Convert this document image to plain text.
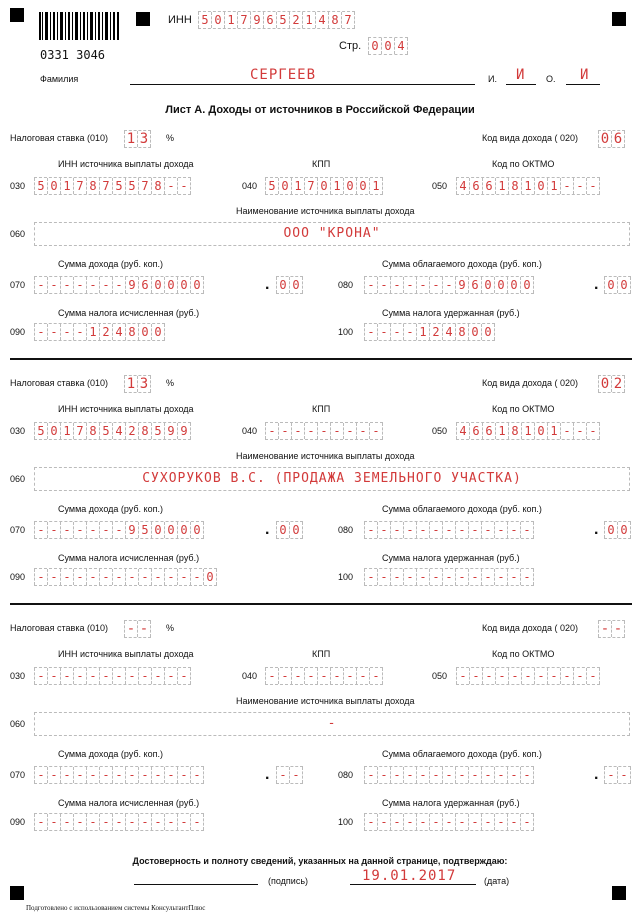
0331 3046
ИНН 5 0 1 7 9 6 5 2 1 4 8 7
Стр. 0 0 4
Фамилия	СЕРГЕЕВ	И. И О. И
Лист А. Доходы от источников в Российской Федерации
Налоговая ставка (010) 1 3	%	Код вида дохода ( 020) 0 6
ИНН источника выплаты дохода	КПП	Код по ОКТМО
030 5 0 1 7 8 7 5 5 7 8 - -	040 5 0 1 7 0 1 0 0 1	050 4 6 6 1 8 1 0 1 - - -
Наименование источника выплаты дохода
060	ООО "КРОНА"
Сумма дохода (руб. коп.)	Сумма облагаемого дохода (руб. коп.)
070 - - - - - - - 9 6 0 0 0 0	. 0 0	080 - - - - - - - 9 6 0 0 0 0	0 0
Сумма налога исчисленная (руб.)	Сумма налога удержанная (руб.)
090 - - - - 1 2 4 8 0 0	100 - - - - 1 2 4 8 0 0
Налоговая ставка (010) 1 3	%	Код вида дохода ( 020) 0 2
ИНН источника выплаты дохода	КПП	Код по ОКТМО
030 5 0 1 7 8 5 4 2 8 5 9 9	040 - - - - - - - - -	050 4 6 6 1 8 1 0 1 - - -
Наименование источника выплаты дохода
060	СУХОРУКОВ В.С. (ПРОДАЖА ЗЕМЕЛЬНОГО УЧАСТКА)
Сумма дохода (руб. коп.)	Сумма облагаемого дохода (руб. коп.)
070 - - - - - - - 9 5 0 0 0 0	. 0 0	080 - - - - - - - - - - - - -	0 0
Сумма налога исчисленная (руб.)	Сумма налога удержанная (руб.)
090 - - - - - - - - - - - - - 0	100 - - - - - - - - - - - - -
Налоговая ставка (010) - -	%	Код вида дохода ( 020) - -
ИНН источника выплаты дохода	КПП	Код по ОКТМО
030 - - - - - - - - - - - -	040 - - - - - - - - -	050 - - - - - - - - - - -
Наименование источника выплаты дохода
060	-
Сумма дохода (руб. коп.)	Сумма облагаемого дохода (руб. коп.)
070 - - - - - - - - - - - - -	. - -	080 - - - - - - - - - - - - -	- -
Сумма налога исчисленная (руб.)	Сумма налога удержанная (руб.)
090 - - - - - - - - - - - - -	100 - - - - - - - - - - - - -
.
.
.
Достоверность и полноту сведений, указанных на данной странице, подтверждаю:
(подпись)	19.01.2017	(дата)
Подготовлено с использованием системы КонсультантПлюс
